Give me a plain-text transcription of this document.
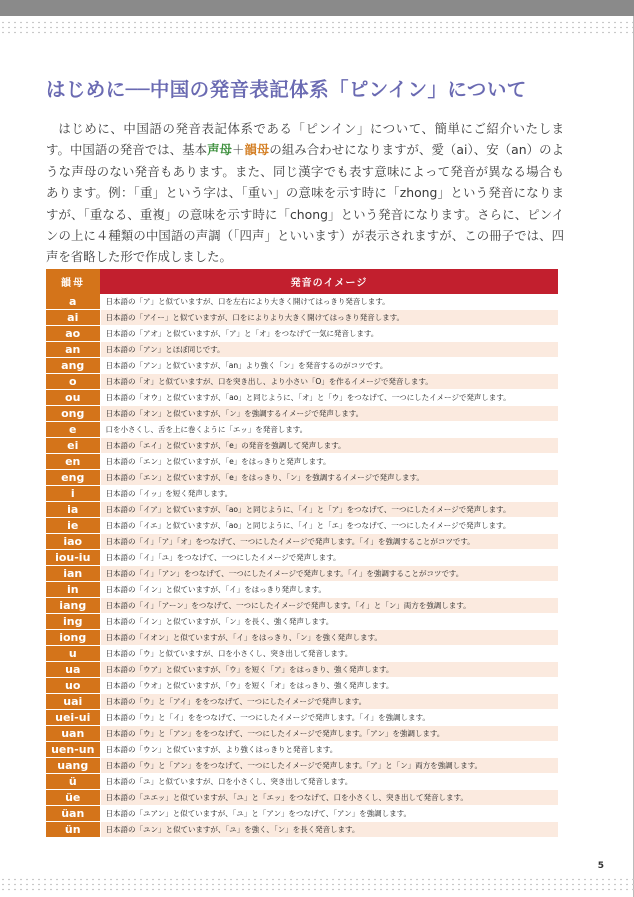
はじめに──中国の発音表記体系「ピンイン」について
はじめに、中国語の発音表記体系である「ピンイン」について、簡単にご紹介いたします。中国語の発音では、基本声母＋韻母の組み合わせになりますが、愛（ai）、安（an）のような声母のない発音もあります。また、同じ漢字でも表す意味によって発音が異なる場合もあります。例：「重」という字は、「重い」の意味を示す時に「zhong」という発音になりますが、「重なる、重複」の意味を示す時に「chong」という発音になります。さらに、ピンインの上に４種類の中国語の声調（「四声」といいます）が表示されますが、この冊子では、四声を省略した形で作成しました。
韻母	発音のイメージ
a	日本語の「ア」と似ていますが、口を左右により大きく開けてはっきり発音します。
ai	日本語の「アイー」と似ていますが、口をによりより大きく開けてはっきり発音します。
ao	日本語の「アオ」と似ていますが、「ア」と「オ」をつなげて一気に発音します。
an	日本語の「アン」とほぼ同じです。
ang	日本語の「アン」と似ていますが、「an」より強く「ン」を発音するのがコツです。
o	日本語の「オ」と似ていますが、口を突き出し、より小さい「O」を作るイメージで発音します。
ou	日本語の「オウ」と似ていますが、「ao」と同じように、「オ」と「ウ」をつなげて、一つにしたイメージで発声します。
ong	日本語の「オン」と似ていますが、「ン」を強調するイメージで発声します。
e	口を小さくし、舌を上に巻くように「エッ」を発音します。
ei	日本語の「エイ」と似ていますが、「e」の発音を強調して発声します。
en	日本語の「エン」と似ていますが、「e」をはっきりと発声します。
eng	日本語の「エン」と似ていますが、「e」をはっきり、「ン」を強調するイメージで発声します。
i	日本語の「イッ」を短く発声します。
ia	日本語の「イア」と似ていますが、「ao」と同じように、「イ」と「ア」をつなげて、一つにしたイメージで発声します。
ie	日本語の「イエ」と似ていますが、「ao」と同じように、「イ」と「エ」をつなげて、一つにしたイメージで発声します。
iao	日本語の「イ」「ア」「オ」をつなげて、一つにしたイメージで発声します。「イ」を強調することがコツです。
iou-iu	日本語の「イ」「ユ」をつなげて、一つにしたイメージで発声します。
ian	日本語の「イ」「アン」をつなげて、一つにしたイメージで発声します。「イ」を強調することがコツです。
in	日本語の「イン」と似ていますが、「イ」をはっきり発声します。
iang	日本語の「イ」「アーン」をつなげて、一つにしたイメージで発声します。「イ」と「ン」両方を強調します。
ing	日本語の「イン」と似ていますが、「ン」を長く、強く発声します。
iong	日本語の「イオン」と似ていますが、「イ」をはっきり、「ン」を強く発声します。
u	日本語の「ウ」と似ていますが、口を小さくし、突き出して発音します。
ua	日本語の「ウア」と似ていますが、「ウ」を短く「ア」をはっきり、強く発声します。
uo	日本語の「ウオ」と似ていますが、「ウ」を短く「オ」をはっきり、強く発声します。
uai	日本語の「ウ」と「アイ」ををつなげて、一つにしたイメージで発声します。
uei-ui	日本語の「ウ」と「イ」ををつなげて、一つにしたイメージで発声します。「イ」を強調します。
uan	日本語の「ウ」と「アン」ををつなげて、一つにしたイメージで発声します。「アン」を強調します。
uen-un	日本語の「ウン」と似ていますが、より強くはっきりと発音します。
uang	日本語の「ウ」と「アン」ををつなげて、一つにしたイメージで発声します。「ア」と「ン」両方を強調します。
ü	日本語の「ユ」と似ていますが、口を小さくし、突き出して発音します。
üe	日本語の「ユエッ」と似ていますが、「ユ」と「エッ」をつなげて、口を小さくし、突き出して発音します。
üan	日本語の「ユアン」と似ていますが、「ユ」と「アン」をつなげて、「アン」を強調します。
ün	日本語の「ユン」と似ていますが、「ユ」を強く、「ン」を長く発音します。
5
